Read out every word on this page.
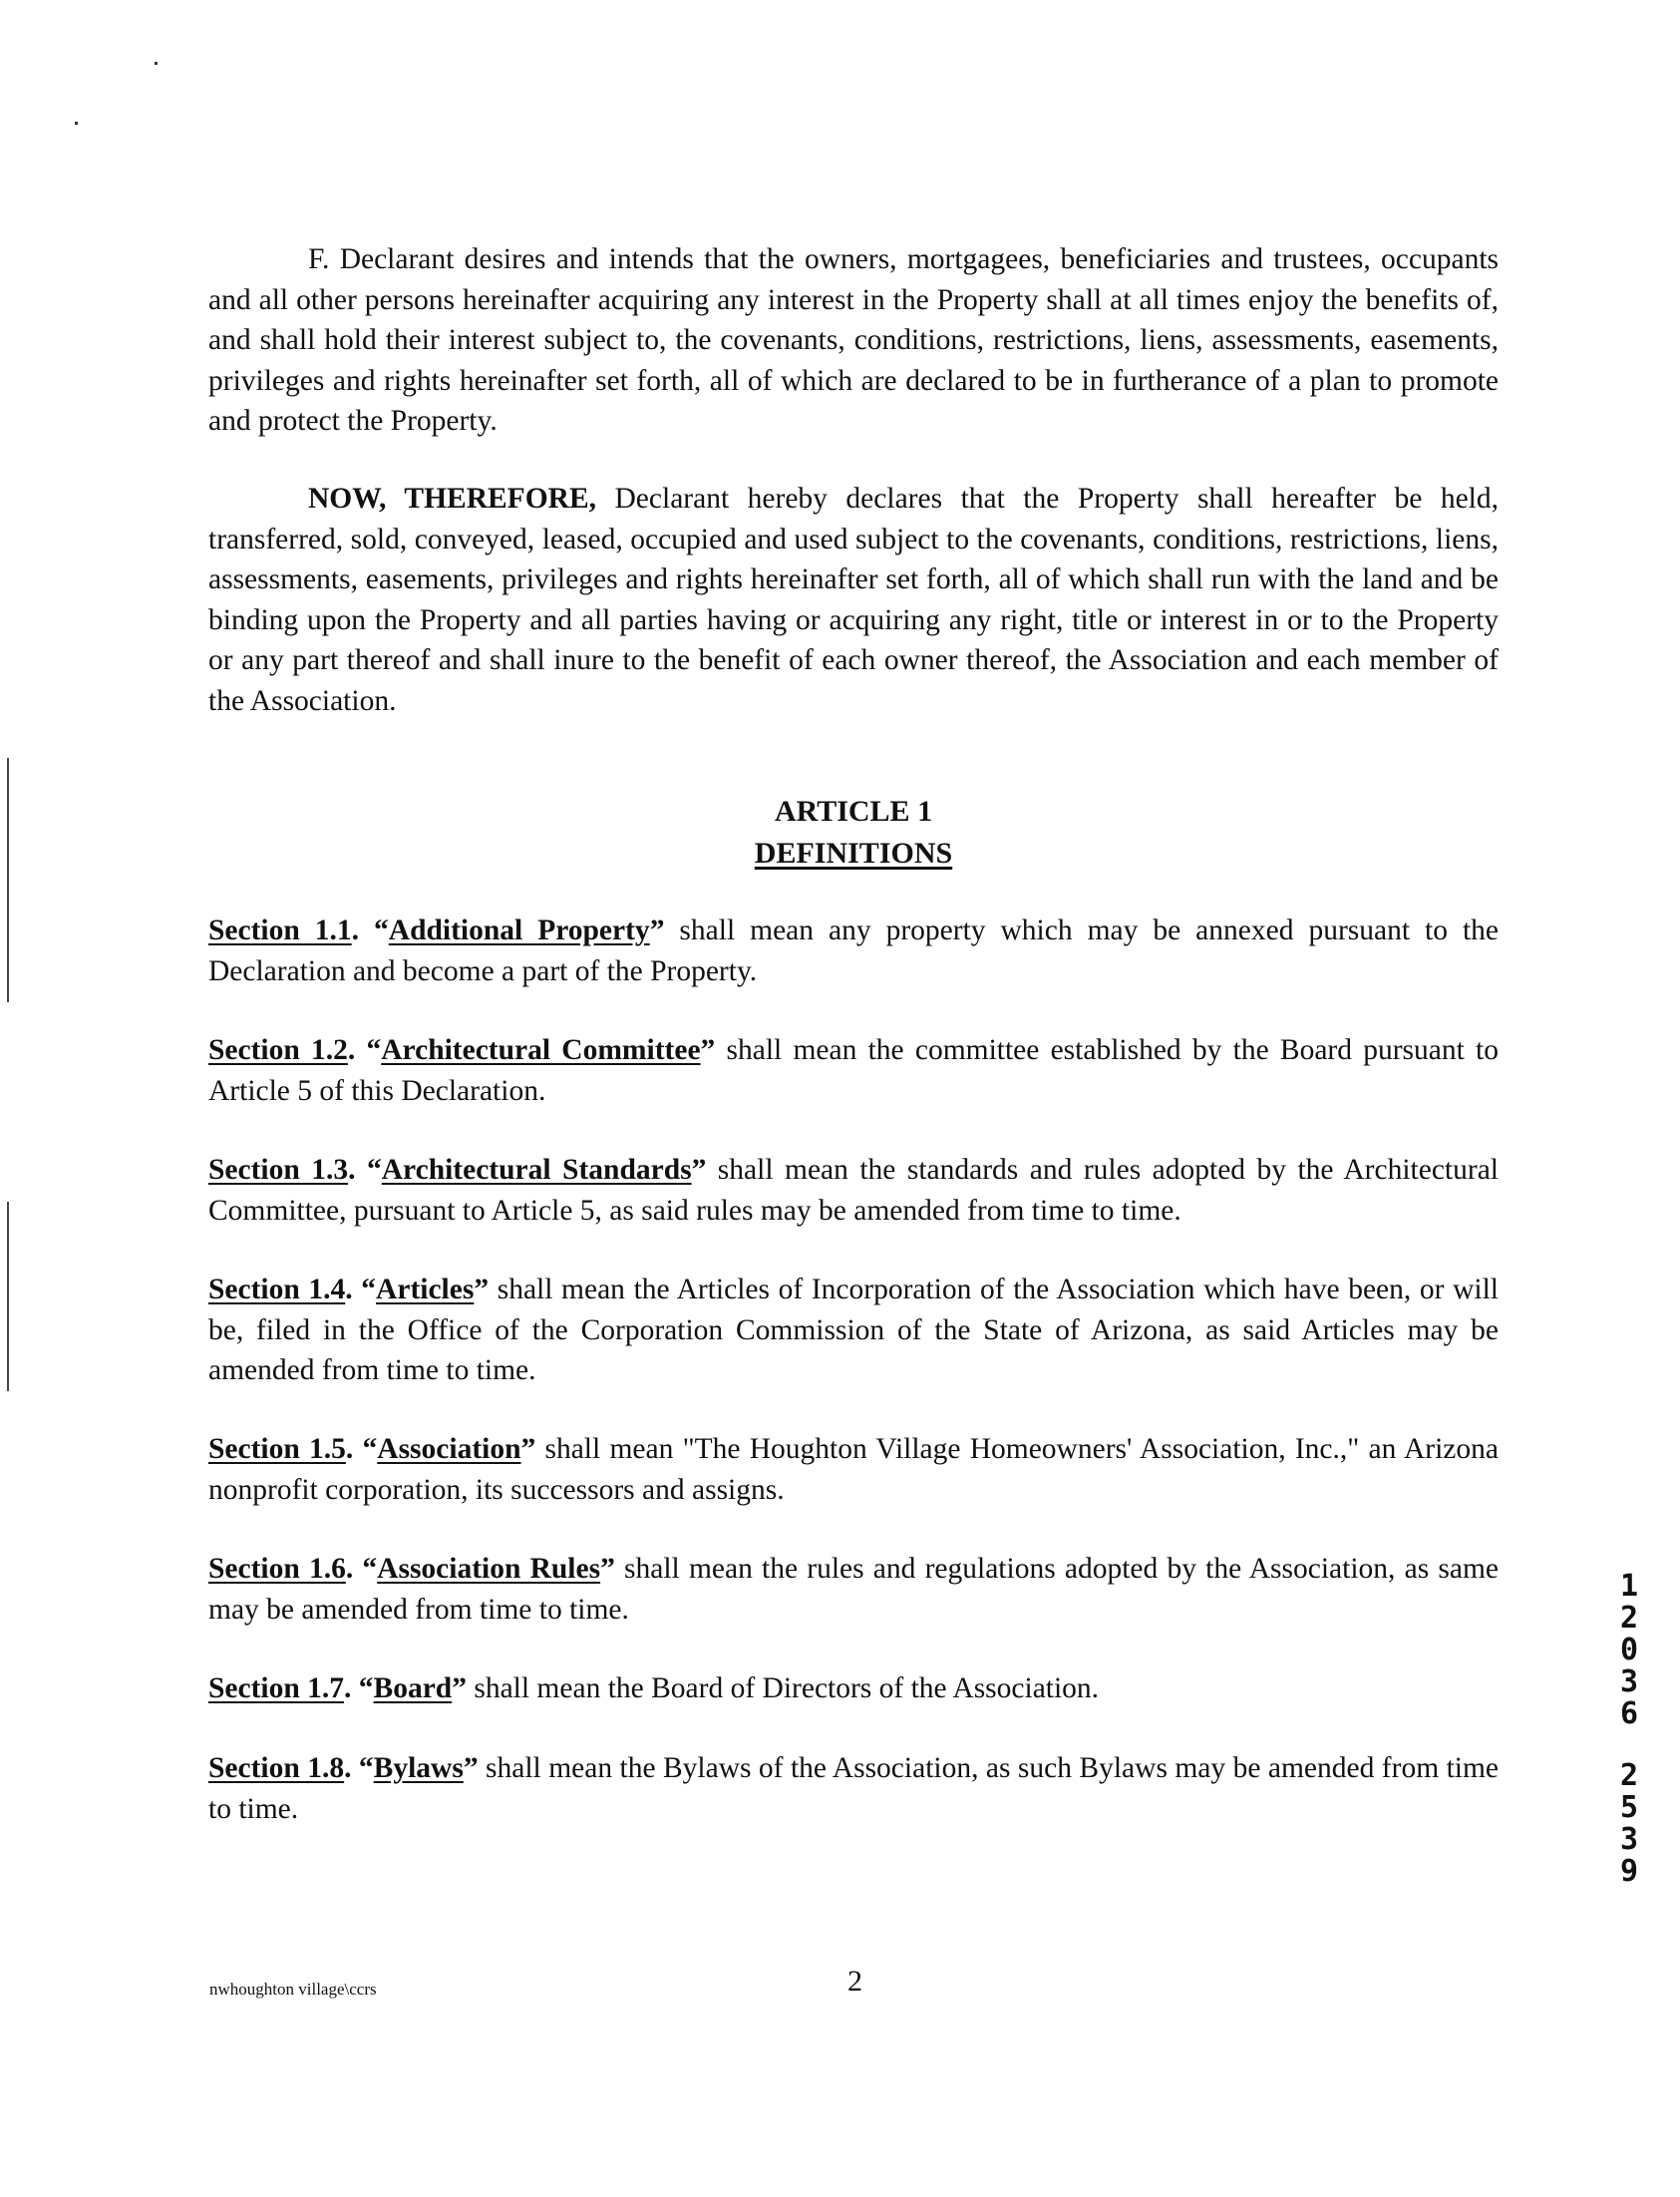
F. Declarant desires and intends that the owners, mortgagees, beneficiaries and trustees, occupants and all other persons hereinafter acquiring any interest in the Property shall at all times enjoy the benefits of, and shall hold their interest subject to, the covenants, conditions, restrictions, liens, assessments, easements, privileges and rights hereinafter set forth, all of which are declared to be in furtherance of a plan to promote and protect the Property.

NOW, THEREFORE, Declarant hereby declares that the Property shall hereafter be held, transferred, sold, conveyed, leased, occupied and used subject to the covenants, conditions, restrictions, liens, assessments, easements, privileges and rights hereinafter set forth, all of which shall run with the land and be binding upon the Property and all parties having or acquiring any right, title or interest in or to the Property or any part thereof and shall inure to the benefit of each owner thereof, the Association and each member of the Association.

ARTICLE 1
DEFINITIONS

Section 1.1. “Additional Property” shall mean any property which may be annexed pursuant to the Declaration and become a part of the Property.

Section 1.2. “Architectural Committee” shall mean the committee established by the Board pursuant to Article 5 of this Declaration.

Section 1.3. “Architectural Standards” shall mean the standards and rules adopted by the Architectural Committee, pursuant to Article 5, as said rules may be amended from time to time.

Section 1.4. “Articles” shall mean the Articles of Incorporation of the Association which have been, or will be, filed in the Office of the Corporation Commission of the State of Arizona, as said Articles may be amended from time to time.

Section 1.5. “Association” shall mean "The Houghton Village Homeowners' Association, Inc.," an Arizona nonprofit corporation, its successors and assigns.

Section 1.6. “Association Rules” shall mean the rules and regulations adopted by the Association, as same may be amended from time to time.

Section 1.7. “Board” shall mean the Board of Directors of the Association.

Section 1.8. “Bylaws” shall mean the Bylaws of the Association, as such Bylaws may be amended from time to time.

1
2
0
3
6
2
5
3
9
nwhoughton village\ccrs	2
